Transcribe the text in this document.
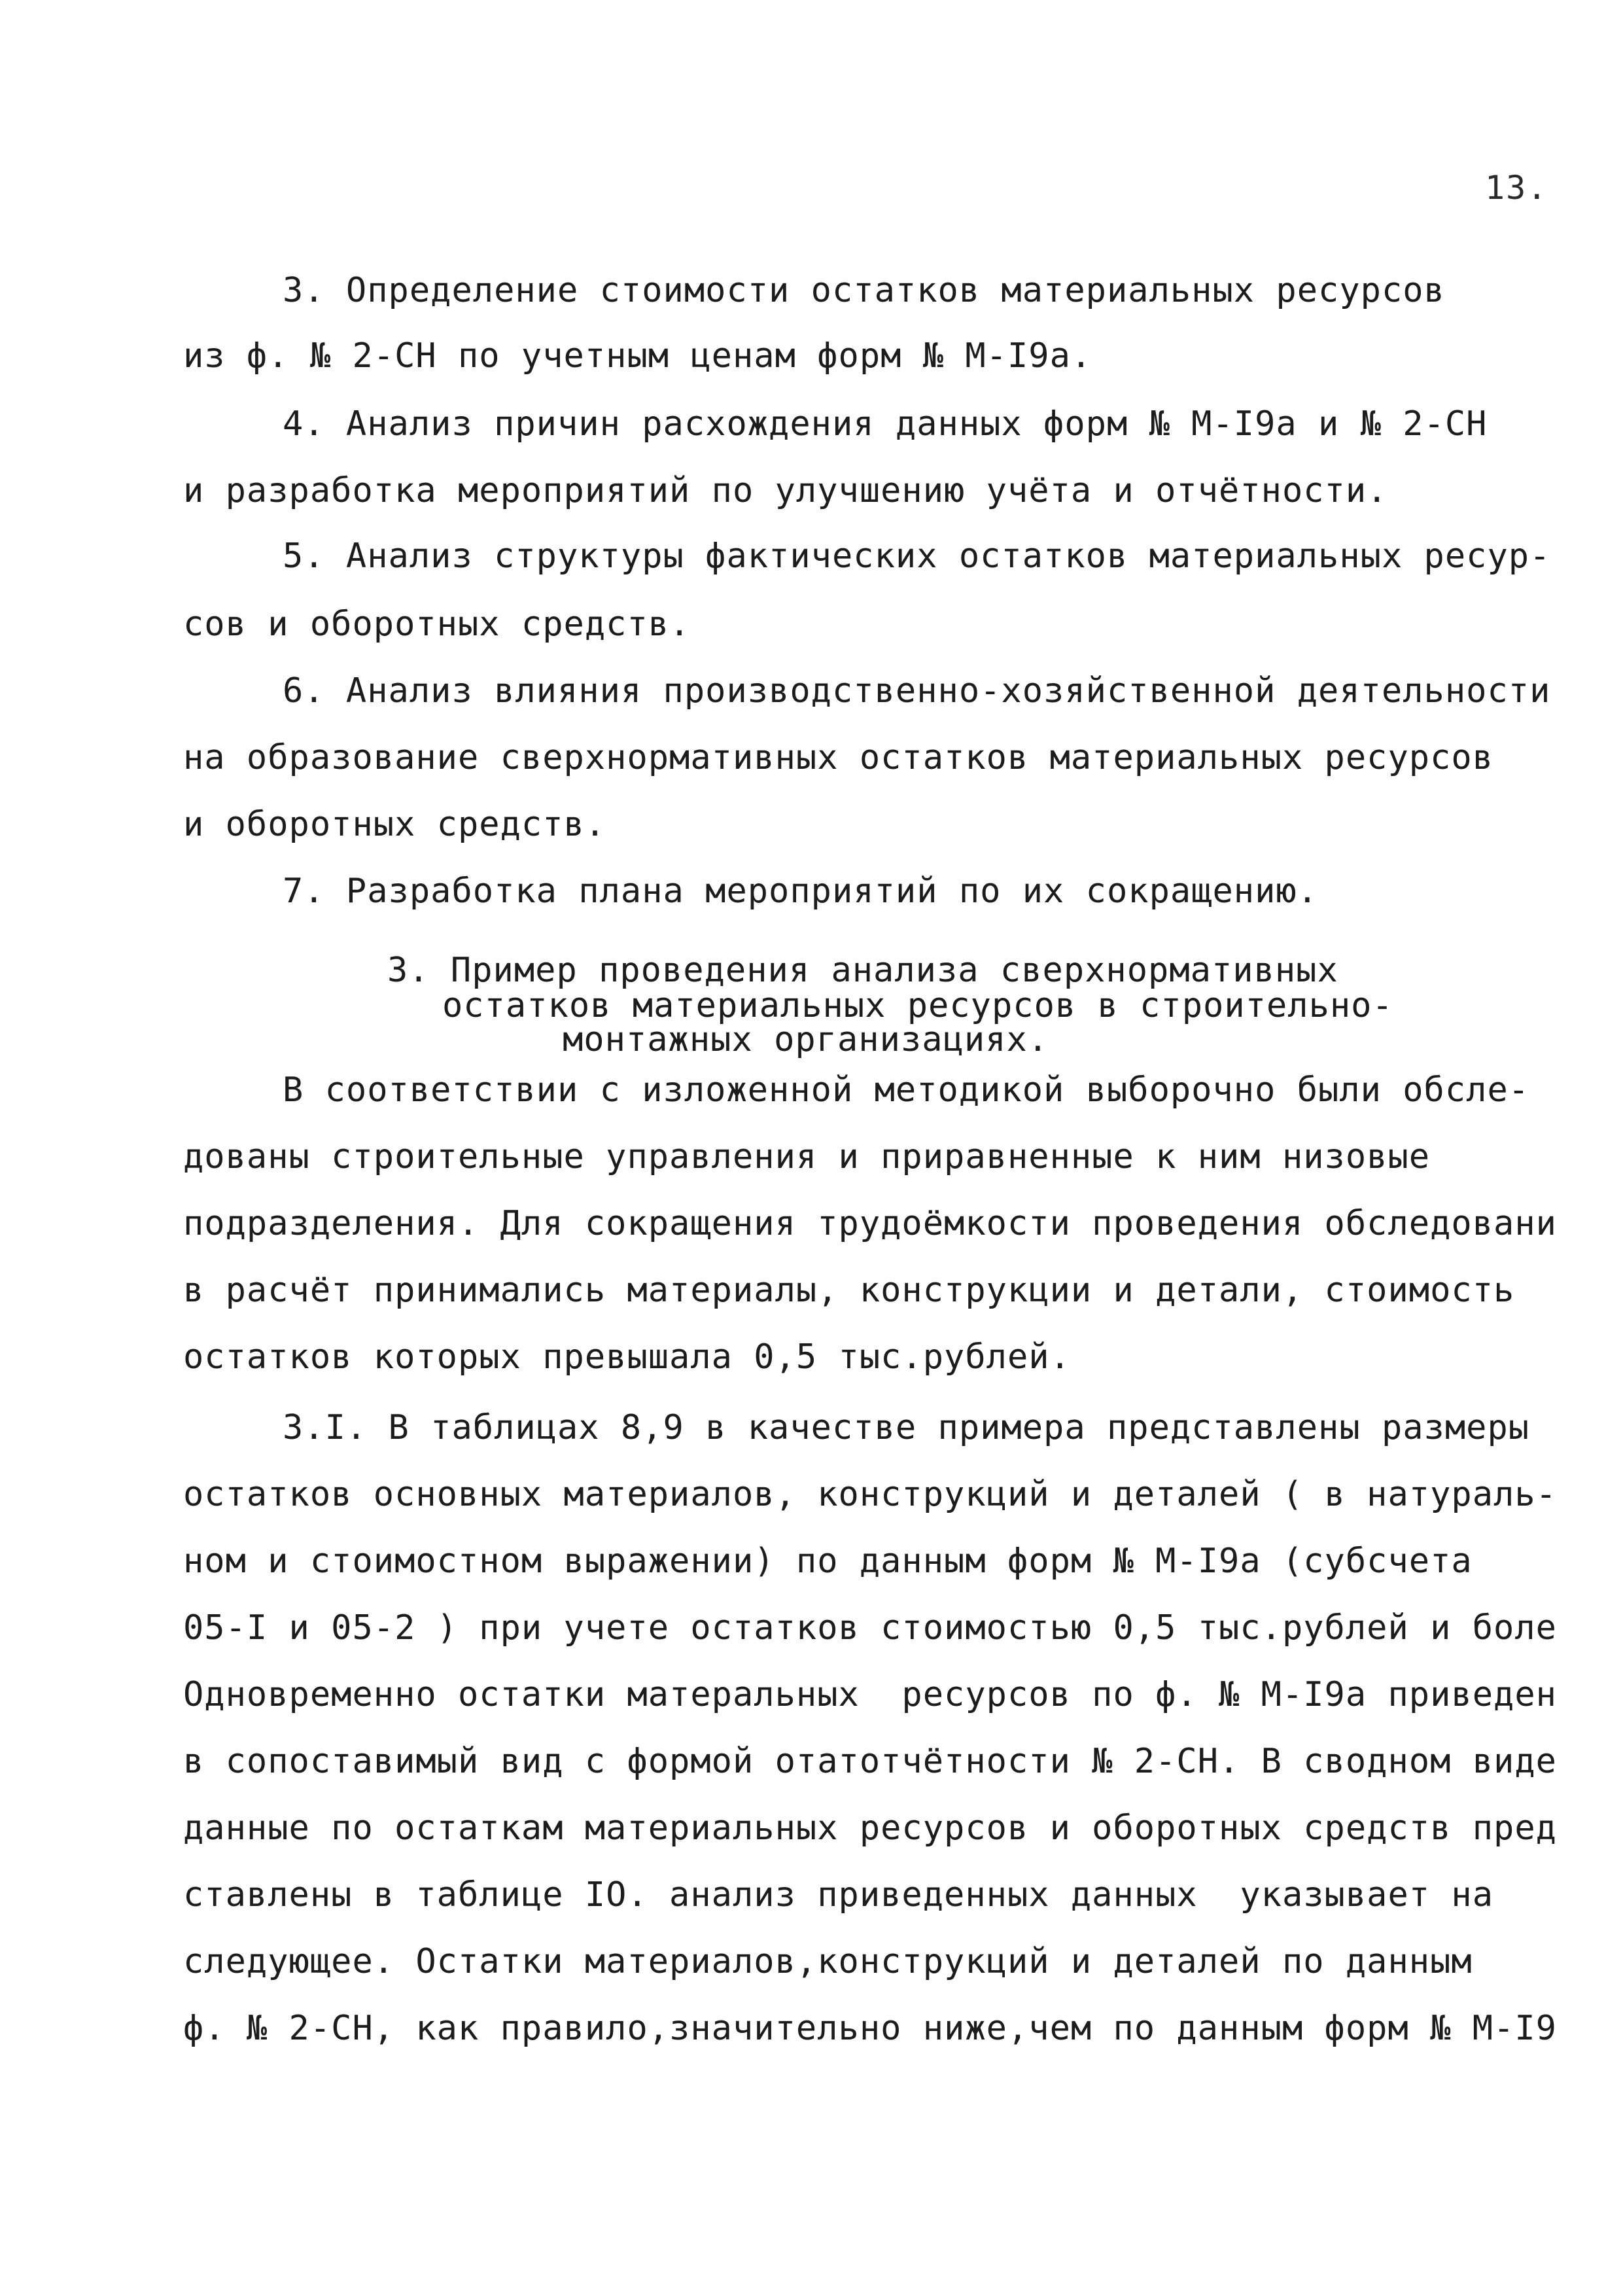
13.
3. Определение стоимости остатков материальных ресурсов
из ф. № 2-СН по учетным ценам форм № М-I9а.
4. Анализ причин расхождения данных форм № М-I9а и № 2-СН
и разработка мероприятий по улучшению учёта и отчётности.
5. Анализ структуры фактических остатков материальных ресур-
сов и оборотных средств.
6. Анализ влияния производственно-хозяйственной деятельности
на образование сверхнормативных остатков материальных ресурсов
и оборотных средств.
7. Разработка плана мероприятий по их сокращению.
3. Пример проведения анализа сверхнормативных
остатков материальных ресурсов в строительно-
монтажных организациях.
В соответствии с изложенной методикой выборочно были обсле-
дованы строительные управления и приравненные к ним низовые
подразделения. Для сокращения трудоёмкости проведения обследовани
в расчёт принимались материалы, конструкции и детали, стоимость
остатков которых превышала 0,5 тыс.рублей.
3.I. В таблицах 8,9 в качестве примера представлены размеры
остатков основных материалов, конструкций и деталей ( в натураль-
ном и стоимостном выражении) по данным форм № М-I9а (субсчета
05-I и 05-2 ) при учете остатков стоимостью 0,5 тыс.рублей и боле
Одновременно остатки матеральных  ресурсов по ф. № М-I9а приведен
в сопоставимый вид с формой отатотчётности № 2-СН. В сводном виде
данные по остаткам материальных ресурсов и оборотных средств пред
ставлены в таблице IO. анализ приведенных данных  указывает на
следующее. Остатки материалов,конструкций и деталей по данным
ф. № 2-СН, как правило,значительно ниже,чем по данным форм № М-I9
